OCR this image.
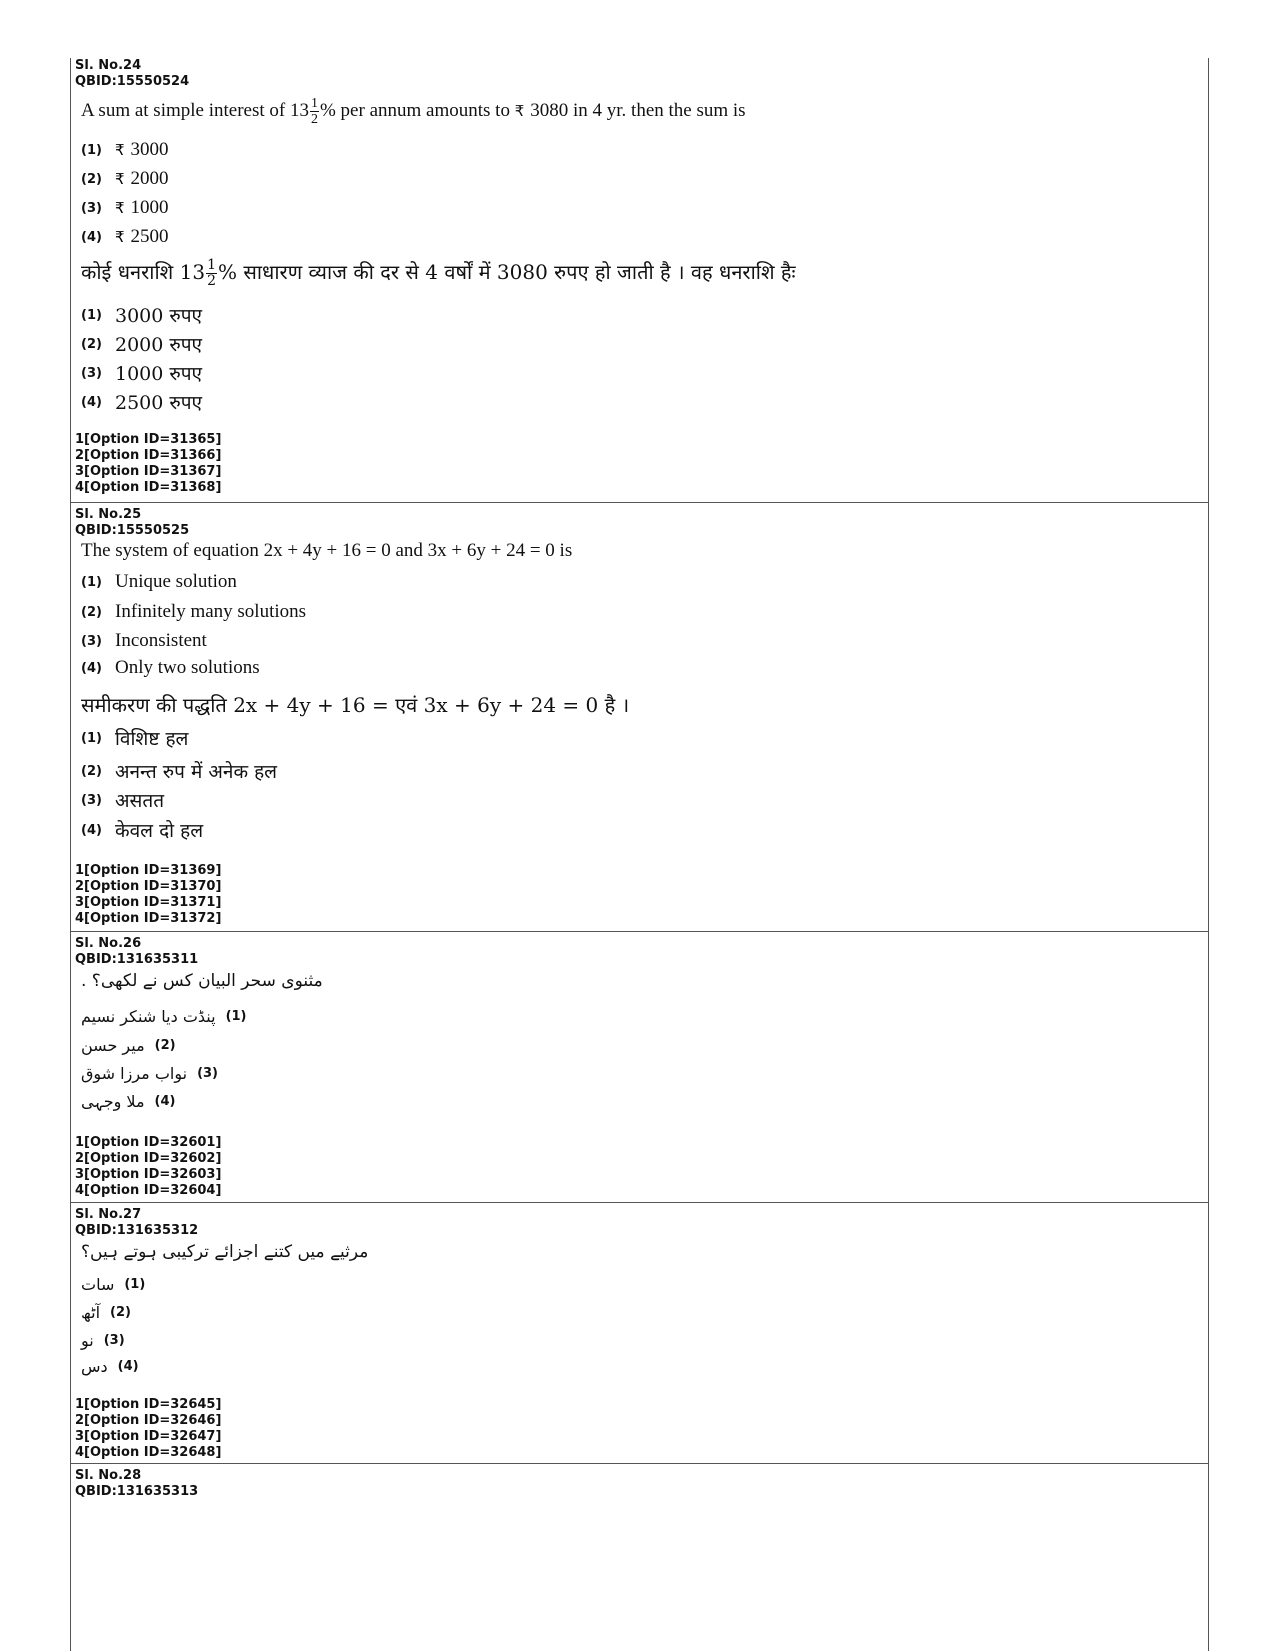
Sl. No.24
QBID:15550524
A sum at simple interest of $13 \frac{1}{2}$ % per annum amounts to ₹ 3080 in 4 yr. then the sum is
(1) ₹ 3000
(2) ₹ 2000
(3) ₹ 1000
(4) ₹ 2500
कोई धनराशि $13 \frac{1}{2}$ % साधारण व्याज की दर से 4 वर्षों में 3080 रुपए हो जाती है । वह धनराशि हैः
(1) 3000 रुपए
(2) 2000 रुपए
(3) 1000 रुपए
(4) 2500 रुपए
1[Option ID=31365]
2[Option ID=31366]
3[Option ID=31367]
4[Option ID=31368]
Sl. No.25
QBID:15550525
The system of equation 2x + 4y + 16 = 0 and 3x + 6y + 24 = 0 is
(1) Unique solution
(2) Infinitely many solutions
(3) Inconsistent
(4) Only two solutions
समीकरण की पद्धति 2x + 4y + 16 = एवं 3x + 6y + 24 = 0 है ।
(1) विशिष्ट हल
(2) अनन्त रुप में अनेक हल
(3) असतत
(4) केवल दो हल
1[Option ID=31369]
2[Option ID=31370]
3[Option ID=31371]
4[Option ID=31372]
Sl. No.26
QBID:131635311
مثنوی سحر البیان کس نے لکھی؟ .
(1)
پنڈت دیا شنکر نسیم
(2)
میر حسن
(3)
نواب مرزا شوق
(4)
ملا وجہی
1[Option ID=32601]
2[Option ID=32602]
3[Option ID=32603]
4[Option ID=32604]
Sl. No.27
QBID:131635312
مرثیے میں کتنے اجزائے ترکیبی ہوتے ہیں؟
(1)
سات
(2)
آٹھ
(3)
نو
(4)
دس
1[Option ID=32645]
2[Option ID=32646]
3[Option ID=32647]
4[Option ID=32648]
Sl. No.28
QBID:131635313
